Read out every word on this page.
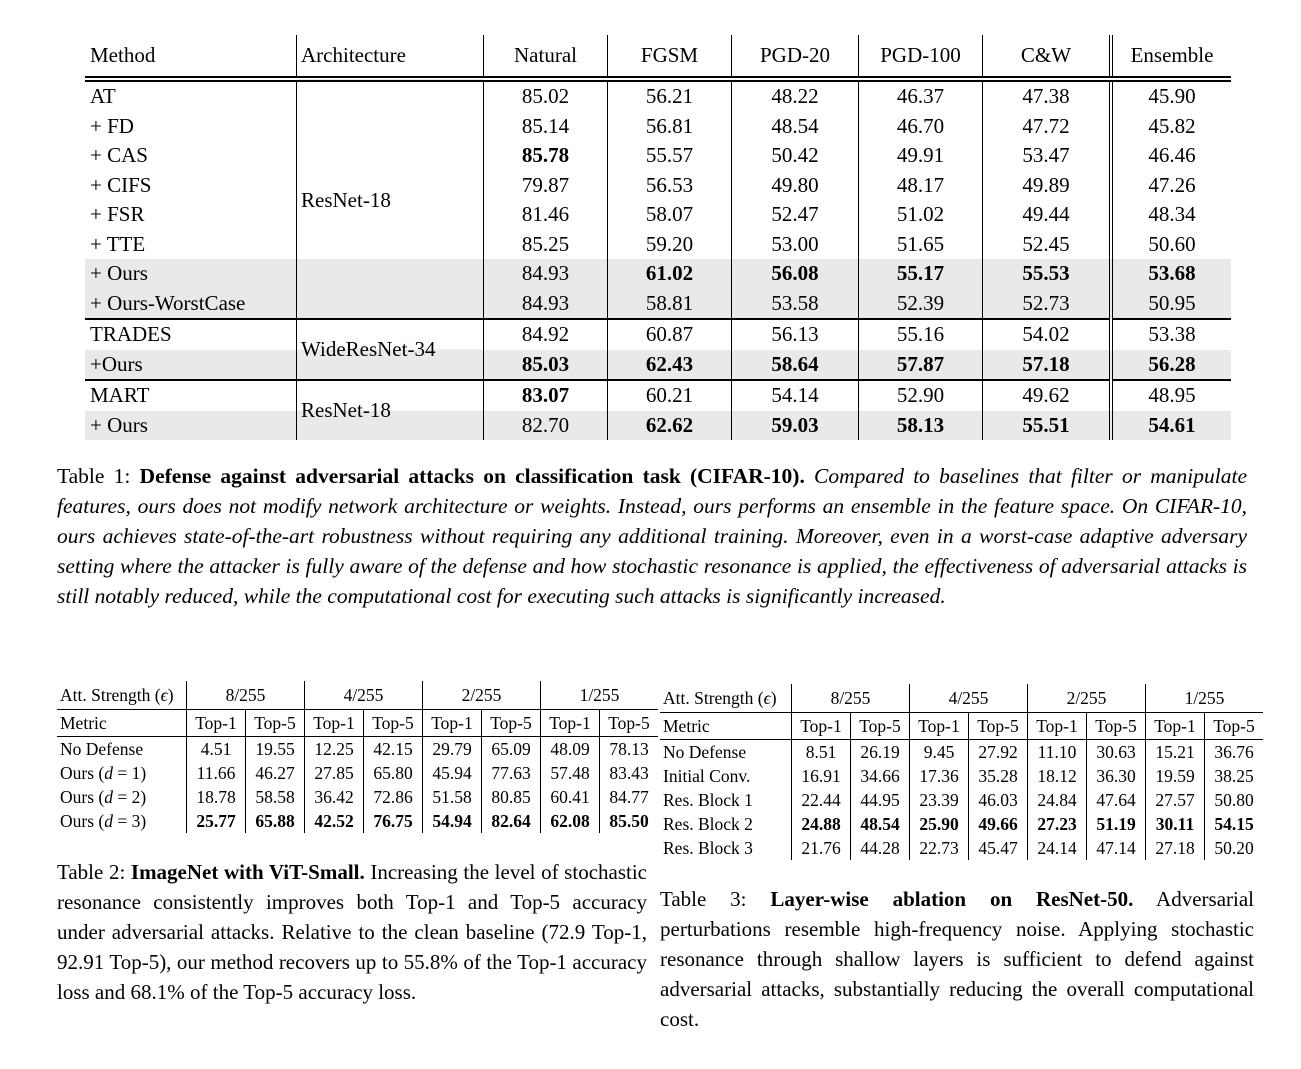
Method	Architecture	Natural	FGSM	PGD-20	PGD-100	C&W	Ensemble
AT	ResNet-18	85.02	56.21	48.22	46.37	47.38	45.90
+ FD		85.14	56.81	48.54	46.70	47.72	45.82
+ CAS		85.78	55.57	50.42	49.91	53.47	46.46
+ CIFS		79.87	56.53	49.80	48.17	49.89	47.26
+ FSR		81.46	58.07	52.47	51.02	49.44	48.34
+ TTE		85.25	59.20	53.00	51.65	52.45	50.60
+ Ours		84.93	61.02	56.08	55.17	55.53	53.68
+ Ours-WorstCase		84.93	58.81	53.58	52.39	52.73	50.95
TRADES	WideResNet-34	84.92	60.87	56.13	55.16	54.02	53.38
+Ours		85.03	62.43	58.64	57.87	57.18	56.28
MART	ResNet-18	83.07	60.21	54.14	52.90	49.62	48.95
+ Ours		82.70	62.62	59.03	58.13	55.51	54.61

Table 1: Defense against adversarial attacks on classification task (CIFAR-10). Compared to baselines that filter or manipulate features, ours does not modify network architecture or weights. Instead, ours performs an ensemble in the feature space. On CIFAR-10, ours achieves state-of-the-art robustness without requiring any additional training. Moreover, even in a worst-case adaptive adversary setting where the attacker is fully aware of the defense and how stochastic resonance is applied, the effectiveness of adversarial attacks is still notably reduced, while the computational cost for executing such attacks is significantly increased.

Att. Strength (ϵ)	8/255		4/255		2/255		1/255	
Metric	Top-1	Top-5	Top-1	Top-5	Top-1	Top-5	Top-1	Top-5
No Defense	4.51	19.55	12.25	42.15	29.79	65.09	48.09	78.13
Ours (d = 1)	11.66	46.27	27.85	65.80	45.94	77.63	57.48	83.43
Ours (d = 2)	18.78	58.58	36.42	72.86	51.58	80.85	60.41	84.77
Ours (d = 3)	25.77	65.88	42.52	76.75	54.94	82.64	62.08	85.50
Att. Strength (ϵ)	8/255		4/255		2/255		1/255	
Metric	Top-1	Top-5	Top-1	Top-5	Top-1	Top-5	Top-1	Top-5
No Defense	8.51	26.19	9.45	27.92	11.10	30.63	15.21	36.76
Initial Conv.	16.91	34.66	17.36	35.28	18.12	36.30	19.59	38.25
Res. Block 1	22.44	44.95	23.39	46.03	24.84	47.64	27.57	50.80
Res. Block 2	24.88	48.54	25.90	49.66	27.23	51.19	30.11	54.15
Res. Block 3	21.76	44.28	22.73	45.47	24.14	47.14	27.18	50.20

Table 2: ImageNet with ViT-Small. Increasing the level of stochastic resonance consistently improves both Top-1 and Top-5 accuracy under adversarial attacks. Relative to the clean baseline (72.9 Top-1, 92.91 Top-5), our method recovers up to 55.8% of the Top-1 accuracy loss and 68.1% of the Top-5 accuracy loss.

Table 3: Layer-wise ablation on ResNet-50. Adversarial perturbations resemble high-frequency noise. Applying stochastic resonance through shallow layers is sufficient to defend against adversarial attacks, substantially reducing the overall computational cost.
